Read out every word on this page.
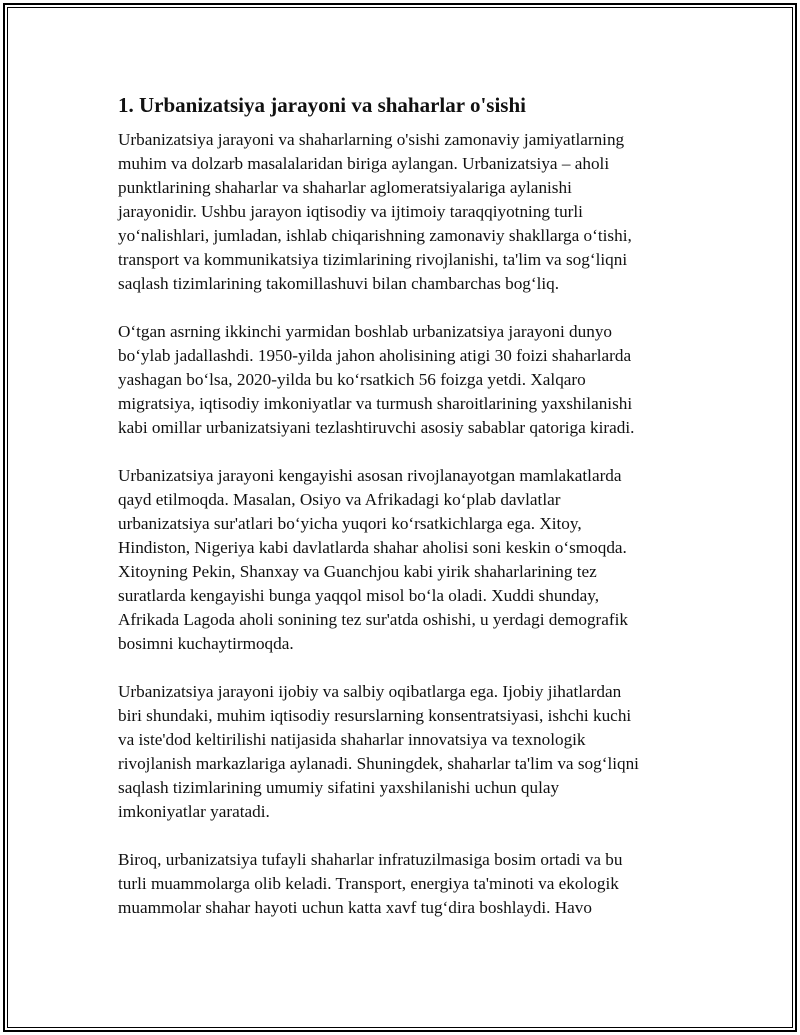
1. Urbanizatsiya jarayoni va shaharlar o'sishi

Urbanizatsiya jarayoni va shaharlarning o'sishi zamonaviy jamiyatlarning
muhim va dolzarb masalalaridan biriga aylangan. Urbanizatsiya – aholi
punktlarining shaharlar va shaharlar aglomeratsiyalariga aylanishi
jarayonidir. Ushbu jarayon iqtisodiy va ijtimoiy taraqqiyotning turli
yo‘nalishlari, jumladan, ishlab chiqarishning zamonaviy shakllarga o‘tishi,
transport va kommunikatsiya tizimlarining rivojlanishi, ta'lim va sog‘liqni
saqlash tizimlarining takomillashuvi bilan chambarchas bog‘liq.

O‘tgan asrning ikkinchi yarmidan boshlab urbanizatsiya jarayoni dunyo
bo‘ylab jadallashdi. 1950-yilda jahon aholisining atigi 30 foizi shaharlarda
yashagan bo‘lsa, 2020-yilda bu ko‘rsatkich 56 foizga yetdi. Xalqaro
migratsiya, iqtisodiy imkoniyatlar va turmush sharoitlarining yaxshilanishi
kabi omillar urbanizatsiyani tezlashtiruvchi asosiy sabablar qatoriga kiradi.

Urbanizatsiya jarayoni kengayishi asosan rivojlanayotgan mamlakatlarda
qayd etilmoqda. Masalan, Osiyo va Afrikadagi ko‘plab davlatlar
urbanizatsiya sur'atlari bo‘yicha yuqori ko‘rsatkichlarga ega. Xitoy,
Hindiston, Nigeriya kabi davlatlarda shahar aholisi soni keskin o‘smoqda.
Xitoyning Pekin, Shanxay va Guanchjou kabi yirik shaharlarining tez
suratlarda kengayishi bunga yaqqol misol bo‘la oladi. Xuddi shunday,
Afrikada Lagoda aholi sonining tez sur'atda oshishi, u yerdagi demografik
bosimni kuchaytirmoqda.

Urbanizatsiya jarayoni ijobiy va salbiy oqibatlarga ega. Ijobiy jihatlardan
biri shundaki, muhim iqtisodiy resurslarning konsentratsiyasi, ishchi kuchi
va iste'dod keltirilishi natijasida shaharlar innovatsiya va texnologik
rivojlanish markazlariga aylanadi. Shuningdek, shaharlar ta'lim va sog‘liqni
saqlash tizimlarining umumiy sifatini yaxshilanishi uchun qulay
imkoniyatlar yaratadi.

Biroq, urbanizatsiya tufayli shaharlar infratuzilmasiga bosim ortadi va bu
turli muammolarga olib keladi. Transport, energiya ta'minoti va ekologik
muammolar shahar hayoti uchun katta xavf tug‘dira boshlaydi. Havo
